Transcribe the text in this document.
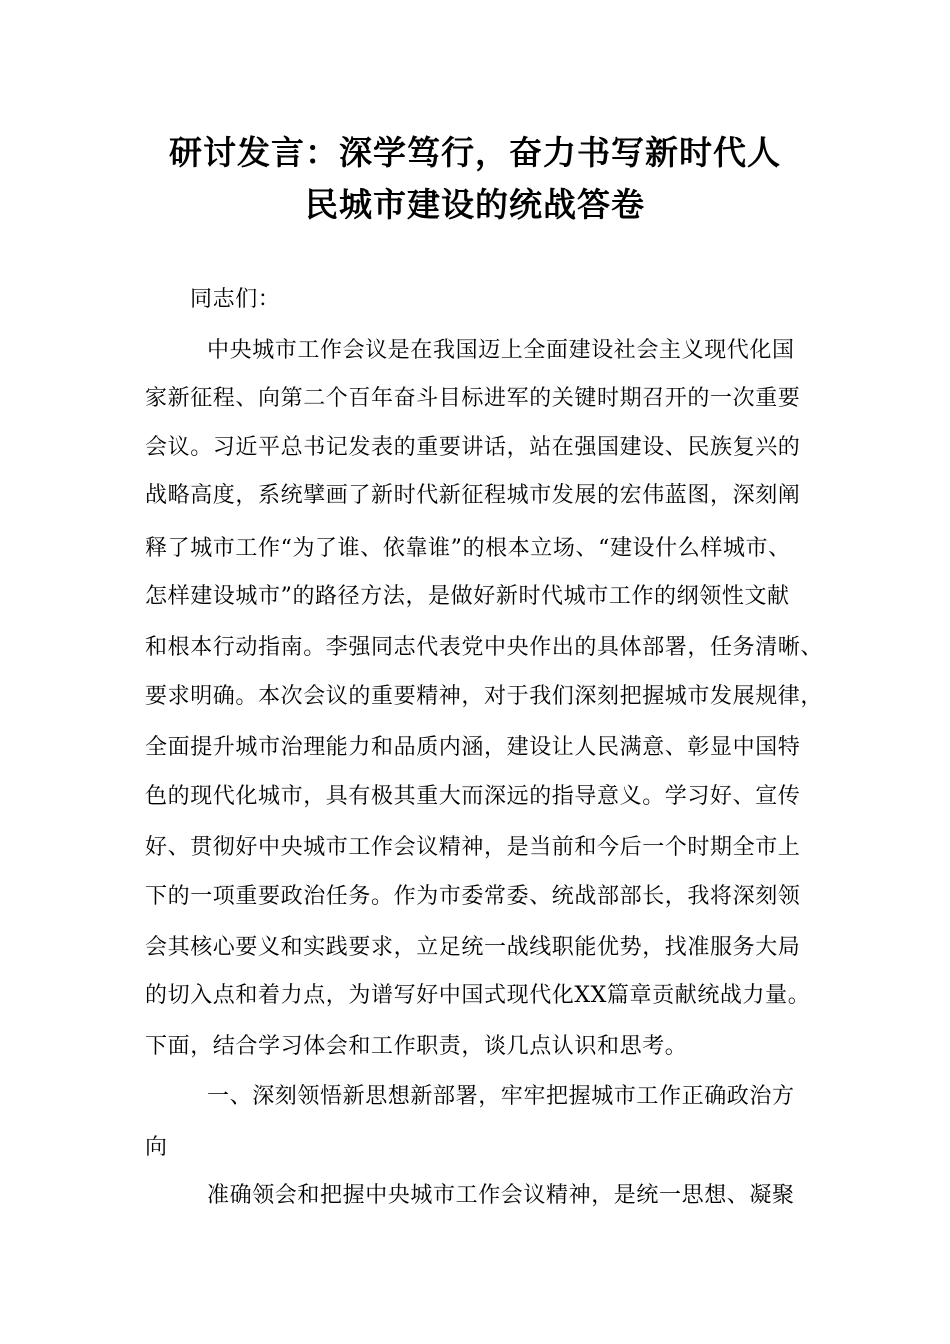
研讨发言：深学笃行，奋力书写新时代人
民城市建设的统战答卷
同志们：
中央城市工作会议是在我国迈上全面建设社会主义现代化国
家新征程、向第二个百年奋斗目标进军的关键时期召开的一次重要
会议。习近平总书记发表的重要讲话，站在强国建设、民族复兴的
战略高度，系统擘画了新时代新征程城市发展的宏伟蓝图，深刻阐
释了城市工作“为了谁、依靠谁”的根本立场、“建设什么样城市、
怎样建设城市”的路径方法，是做好新时代城市工作的纲领性文献
和根本行动指南。李强同志代表党中央作出的具体部署，任务清晰、
要求明确。本次会议的重要精神，对于我们深刻把握城市发展规律，
全面提升城市治理能力和品质内涵，建设让人民满意、彰显中国特
色的现代化城市，具有极其重大而深远的指导意义。学习好、宣传
好、贯彻好中央城市工作会议精神，是当前和今后一个时期全市上
下的一项重要政治任务。作为市委常委、统战部部长，我将深刻领
会其核心要义和实践要求，立足统一战线职能优势，找准服务大局
的切入点和着力点，为谱写好中国式现代化XX篇章贡献统战力量。
下面，结合学习体会和工作职责，谈几点认识和思考。
一、深刻领悟新思想新部署，牢牢把握城市工作正确政治方
向
准确领会和把握中央城市工作会议精神，是统一思想、凝聚
